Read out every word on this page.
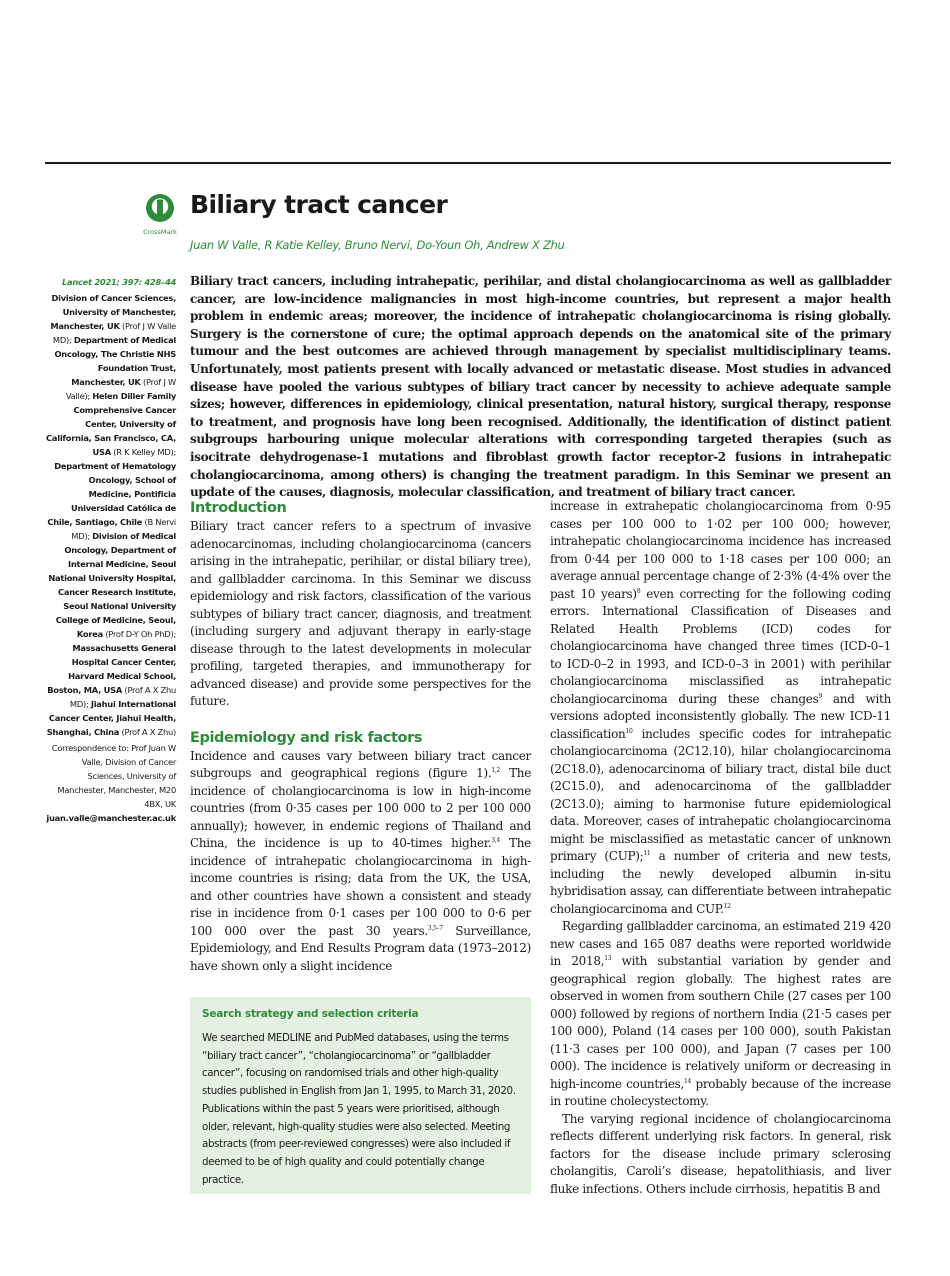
CrossMark
Biliary tract cancer
Juan W Valle, R Katie Kelley, Bruno Nervi, Do-Youn Oh, Andrew X Zhu
Lancet 2021; 397: 428–44
Division of Cancer Sciences, University of Manchester, Manchester, UK (Prof J W Valle MD); Department of Medical Oncology, The Christie NHS Foundation Trust, Manchester, UK (Prof J W Valle); Helen Diller Family Comprehensive Cancer Center, University of California, San Francisco, CA, USA (R K Kelley MD); Department of Hematology Oncology, School of Medicine, Pontificia Universidad Católica de Chile, Santiago, Chile (B Nervi MD); Division of Medical Oncology, Department of Internal Medicine, Seoul National University Hospital, Cancer Research Institute, Seoul National University College of Medicine, Seoul, Korea (Prof D-Y Oh PhD); Massachusetts General Hospital Cancer Center, Harvard Medical School, Boston, MA, USA (Prof A X Zhu MD); Jiahui International Cancer Center, Jiahui Health, Shanghai, China (Prof A X Zhu)
Correspondence to: Prof Juan W Valle, Division of Cancer Sciences, University of Manchester, Manchester, M20 4BX, UK
juan.valle@manchester.ac.uk

Biliary tract cancers, including intrahepatic, perihilar, and distal cholangiocarcinoma as well as gallbladder cancer, are low-incidence malignancies in most high-income countries, but represent a major health problem in endemic areas; moreover, the incidence of intrahepatic cholangiocarcinoma is rising globally. Surgery is the cornerstone of cure; the optimal approach depends on the anatomical site of the primary tumour and the best outcomes are achieved through management by specialist multidisciplinary teams. Unfortunately, most patients present with locally advanced or metastatic disease. Most studies in advanced disease have pooled the various subtypes of biliary tract cancer by necessity to achieve adequate sample sizes; however, differences in epidemiology, clinical presentation, natural history, surgical therapy, response to treatment, and prognosis have long been recognised. Additionally, the identification of distinct patient subgroups harbouring unique molecular alterations with corresponding targeted therapies (such as isocitrate dehydrogenase-1 mutations and fibroblast growth factor receptor-2 fusions in intrahepatic cholangiocarcinoma, among others) is changing the treatment paradigm. In this Seminar we present an update of the causes, diagnosis, molecular classification, and treatment of biliary tract cancer.

Introduction

Biliary tract cancer refers to a spectrum of invasive adenocarcinomas, including cholangiocarcinoma (cancers arising in the intrahepatic, perihilar, or distal biliary tree), and gallbladder carcinoma. In this Seminar we discuss epidemiology and risk factors, classification of the various subtypes of biliary tract cancer, diagnosis, and treatment (including surgery and adjuvant therapy in early-stage disease through to the latest developments in molecular profiling, targeted therapies, and immunotherapy for advanced disease) and provide some perspectives for the future.

Epidemiology and risk factors

Incidence and causes vary between biliary tract cancer subgroups and geographical regions (figure 1).$^{1,2}$ The incidence of cholangiocarcinoma is low in high-income countries (from 0·35 cases per 100 000 to 2 per 100 000 annually); however, in endemic regions of Thailand and China, the incidence is up to 40-times higher.$^{3,4}$ The incidence of intrahepatic cholangiocarcinoma in high-income countries is rising; data from the UK, the USA, and other countries have shown a consistent and steady rise in incidence from 0·1 cases per 100 000 to 0·6 per 100 000 over the past 30 years.$^{3,5-7}$ Surveillance, Epidemiology, and End Results Program data (1973–2012) have shown only a slight incidence

Search strategy and selection criteria

We searched MEDLINE and PubMed databases, using the terms “biliary tract cancer”, “cholangiocarcinoma” or “gallbladder cancer”, focusing on randomised trials and other high-quality studies published in English from Jan 1, 1995, to March 31, 2020. Publications within the past 5 years were prioritised, although older, relevant, high-quality studies were also selected. Meeting abstracts (from peer-reviewed congresses) were also included if deemed to be of high quality and could potentially change practice.

increase in extrahepatic cholangiocarcinoma from 0·95 cases per 100 000 to 1·02 per 100 000; however, intrahepatic cholangiocarcinoma incidence has increased from 0·44 per 100 000 to 1·18 cases per 100 000; an average annual percentage change of 2·3% (4·4% over the past 10 years)$^8$ even correcting for the following coding errors. International Classification of Diseases and Related Health Problems (ICD) codes for cholangiocarcinoma have changed three times (ICD-0–1 to ICD-0–2 in 1993, and ICD-0–3 in 2001) with perihilar cholangiocarcinoma misclassified as intrahepatic cholangiocarcinoma during these changes$^9$ and with versions adopted inconsistently globally. The new ICD-11 classification$^{10}$ includes specific codes for intrahepatic cholangiocarcinoma (2C12.10), hilar cholangiocarcinoma (2C18.0), adenocarcinoma of biliary tract, distal bile duct (2C15.0), and adenocarcinoma of the gallbladder (2C13.0); aiming to harmonise future epidemiological data. Moreover, cases of intrahepatic cholangiocarcinoma might be misclassified as metastatic cancer of unknown primary (CUP);$^{11}$ a number of criteria and new tests, including the newly developed albumin in-situ hybridisation assay, can differentiate between intrahepatic cholangiocarcinoma and CUP.$^{12}$

Regarding gallbladder carcinoma, an estimated 219 420 new cases and 165 087 deaths were reported worldwide in 2018,13 with substantial variation by gender and geographical region globally. The highest rates are observed in women from southern Chile (27 cases per 100 000) followed by regions of northern India (21·5 cases per 100 000), Poland (14 cases per 100 000), south Pakistan (11·3 cases per 100 000), and Japan (7 cases per 100 000). The incidence is relatively uniform or decreasing in high-income countries,$^{14}$ probably because of the increase in routine cholecystectomy.

The varying regional incidence of cholangiocarcinoma reflects different underlying risk factors. In general, risk factors for the disease include primary sclerosing cholangitis, Caroli’s disease, hepatolithiasis, and liver fluke infections. Others include cirrhosis, hepatitis B and
